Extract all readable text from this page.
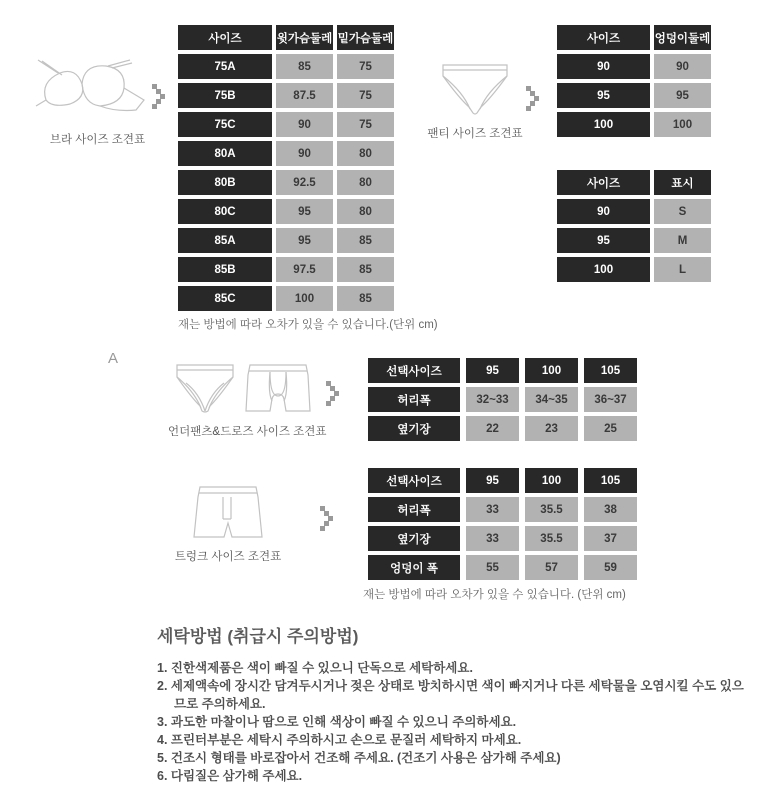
브라 사이즈 조견표
사이즈	윗가슴둘레 밑가슴둘레
75A	85	75
75B	87.5	75
75C	90	75
80A	90	80
80B	92.5	80
80C	95	80
85A	95	85
85B	97.5	85
85C	100	85
재는 방법에 따라 오차가 있을 수 있습니다.(단위 cm)
팬티 사이즈 조견표
사이즈	엉덩이둘레
90	90
95	95
100	100
사이즈	표시
90	S
95	M
100	L
A
언더팬츠&드로즈 사이즈 조견표
선택사이즈	95	100	105
허리폭	32~33	34~35	36~37
옆기장	22	23	25
트렁크 사이즈 조견표
선택사이즈	95	100	105
허리폭	33	35.5	38
옆기장	33	35.5	37
엉덩이 폭	55	57	59
재는 방법에 따라 오차가 있을 수 있습니다. (단위 cm)
세탁방법 (취급시 주의방법)
1. 진한색제품은 색이 빠질 수 있으니 단독으로 세탁하세요.
2. 세제액속에 장시간 담겨두시거나 젖은 상태로 방치하시면 색이 빠지거나 다른 세탁물을 오염시킬 수도 있으므로 주의하세요.
3. 과도한 마찰이나 땀으로 인해 색상이 빠질 수 있으니 주의하세요.
4. 프린터부분은 세탁시 주의하시고 손으로 문질러 세탁하지 마세요.
5. 건조시 형태를 바로잡아서 건조해 주세요. (건조기 사용은 삼가해 주세요)
6. 다림질은 삼가해 주세요.
